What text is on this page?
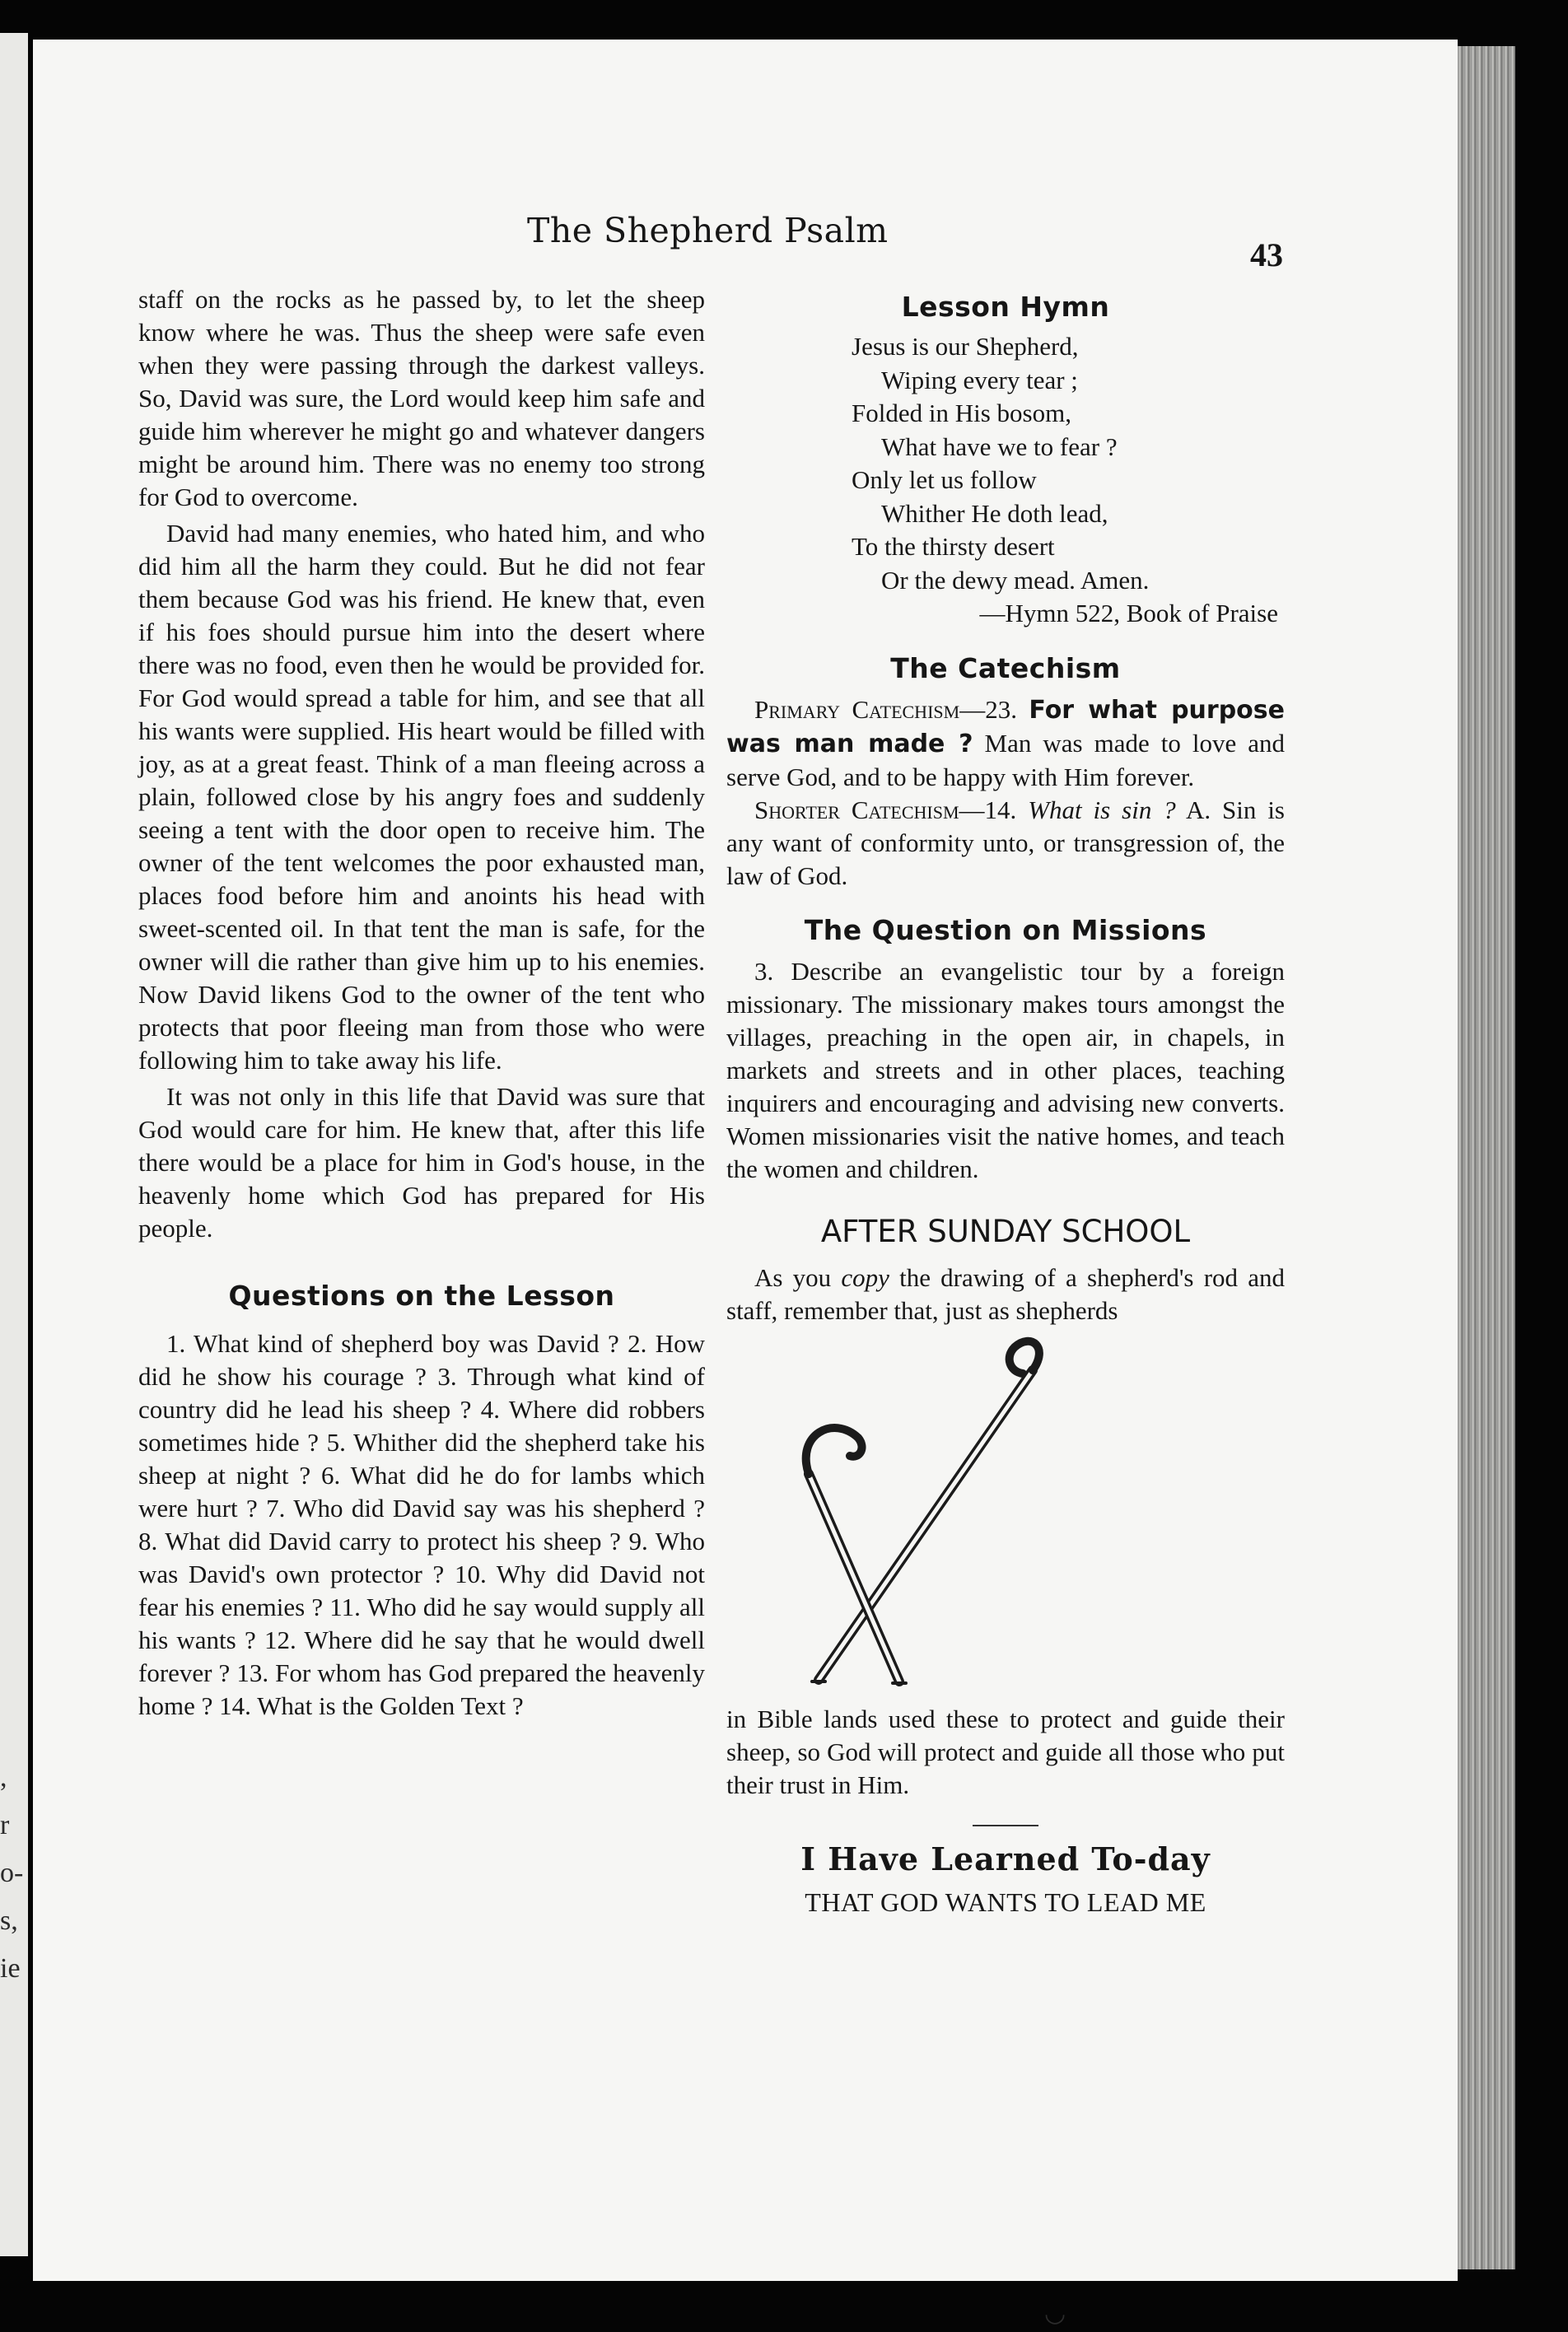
,
r
o-
s,
ie
The Shepherd Psalm
43

staff on the rocks as he passed by, to let the sheep know where he was. Thus the sheep were safe even when they were passing through the darkest valleys. So, David was sure, the Lord would keep him safe and guide him wherever he might go and whatever dangers might be around him. There was no enemy too strong for God to overcome.

David had many enemies, who hated him, and who did him all the harm they could. But he did not fear them because God was his friend. He knew that, even if his foes should pursue him into the desert where there was no food, even then he would be provided for. For God would spread a table for him, and see that all his wants were supplied. His heart would be filled with joy, as at a great feast. Think of a man fleeing across a plain, followed close by his angry foes and suddenly seeing a tent with the door open to receive him. The owner of the tent welcomes the poor exhausted man, places food before him and anoints his head with sweet-scented oil. In that tent the man is safe, for the owner will die rather than give him up to his enemies. Now David likens God to the owner of the tent who protects that poor fleeing man from those who were following him to take away his life.

It was not only in this life that David was sure that God would care for him. He knew that, after this life there would be a place for him in God's house, in the heavenly home which God has prepared for His people.

Questions on the Lesson

1. What kind of shepherd boy was David ? 2. How did he show his courage ? 3. Through what kind of country did he lead his sheep ? 4. Where did robbers sometimes hide ? 5. Whither did the shepherd take his sheep at night ? 6. What did he do for lambs which were hurt ? 7. Who did David say was his shepherd ? 8. What did David carry to protect his sheep ? 9. Who was David's own protector ? 10. Why did David not fear his enemies ? 11. Who did he say would supply all his wants ? 12. Where did he say that he would dwell forever ? 13. For whom has God prepared the heavenly home ? 14. What is the Golden Text ?

Lesson Hymn
Jesus is our Shepherd,
Wiping every tear ;
Folded in His bosom,
What have we to fear ?
Only let us follow
Whither He doth lead,
To the thirsty desert
Or the dewy mead. Amen.
—Hymn 522, Book of Praise
The Catechism

Primary Catechism—23. For what purpose was man made ? Man was made to love and serve God, and to be happy with Him forever.

Shorter Catechism—14. What is sin ? A. Sin is any want of conformity unto, or transgression of, the law of God.

The Question on Missions

3. Describe an evangelistic tour by a foreign missionary. The missionary makes tours amongst the villages, preaching in the open air, in chapels, in markets and streets and in other places, teaching inquirers and encouraging and advising new converts. Women missionaries visit the native homes, and teach the women and children.

AFTER SUNDAY SCHOOL

As you copy the drawing of a shepherd's rod and staff, remember that, just as shepherds

in Bible lands used these to protect and guide their sheep, so God will protect and guide all those who put their trust in Him.

I Have Learned To-day
THAT GOD WANTS TO LEAD ME
◡
